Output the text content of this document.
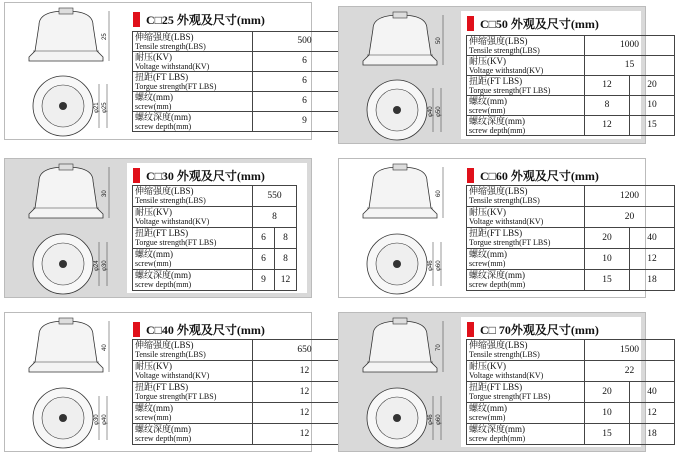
25
φ21 φ25
C□25 外观及尺寸(mm)
伸缩强度(LBS)
Tensile strength(LBS)	500

耐压(KV)
Voltage withstand(KV)	6

扭距(FT LBS)
Torgue strength(FT LBS)	6

螺纹(mm)
screw(mm)	6

螺纹深度(mm)
screw depth(mm)	9
50
φ40 φ50
C□50 外观及尺寸(mm)
伸缩强度(LBS)
Tensile strength(LBS)	1000	

耐压(KV)
Voltage withstand(KV)	15	

扭距(FT LBS)
Torgue strength(FT LBS)	12	20

螺纹(mm)
screw(mm)	8	10

螺纹深度(mm)
screw depth(mm)	12	15
30
φ24 φ30
C□30 外观及尺寸(mm)
伸缩强度(LBS)
Tensile strength(LBS)	550	

耐压(KV)
Voltage withstand(KV)	8	

扭距(FT LBS)
Torgue strength(FT LBS)	6	8

螺纹(mm)
screw(mm)	6	8

螺纹深度(mm)
screw depth(mm)	9	12
60
φ46 φ60
C□60 外观及尺寸(mm)
伸缩强度(LBS)
Tensile strength(LBS)	1200	

耐压(KV)
Voltage withstand(KV)	20	

扭距(FT LBS)
Torgue strength(FT LBS)	20	40

螺纹(mm)
screw(mm)	10	12

螺纹深度(mm)
screw depth(mm)	15	18
40
φ30 φ40
C□40 外观及尺寸(mm)
伸缩强度(LBS)
Tensile strength(LBS)	650

耐压(KV)
Voltage withstand(KV)	12

扭距(FT LBS)
Torgue strength(FT LBS)	12

螺纹(mm)
screw(mm)	12

螺纹深度(mm)
screw depth(mm)	12
70
φ46 φ60
C□ 70外观及尺寸(mm)
伸缩强度(LBS)
Tensile strength(LBS)	1500	

耐压(KV)
Voltage withstand(KV)	22	

扭距(FT LBS)
Torgue strength(FT LBS)	20	40

螺纹(mm)
screw(mm)	10	12

螺纹深度(mm)
screw depth(mm)	15	18
